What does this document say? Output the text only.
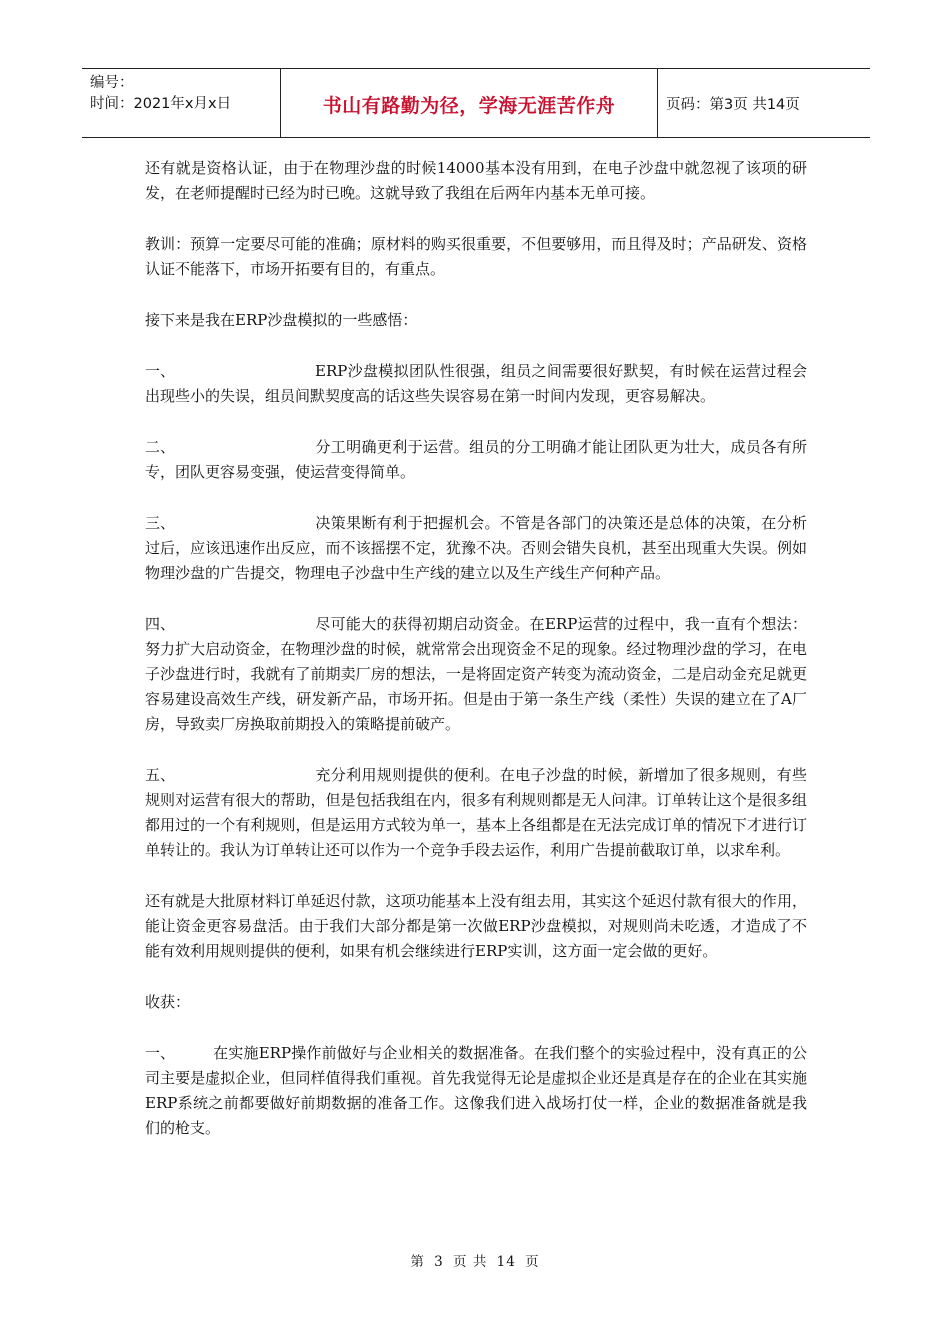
编号：
时间：2021年x月x日	书山有路勤为径，学海无涯苦作舟	页码：第3页 共14页

还有就是资格认证，由于在物理沙盘的时候14000基本没有用到，在电子沙盘中就忽视了该项的研发，在老师提醒时已经为时已晚。这就导致了我组在后两年内基本无单可接。

教训：预算一定要尽可能的准确；原材料的购买很重要，不但要够用，而且得及时；产品研发、资格认证不能落下，市场开拓要有目的，有重点。

接下来是我在ERP沙盘模拟的一些感悟：

一、	ERP沙盘模拟团队性很强，组员之间需要很好默契，有时候在运营过程会出现些小的失误，组员间默契度高的话这些失误容易在第一时间内发现，更容易解决。

二、	分工明确更利于运营。组员的分工明确才能让团队更为壮大，成员各有所专，团队更容易变强，使运营变得简单。

三、	决策果断有利于把握机会。不管是各部门的决策还是总体的决策，在分析过后，应该迅速作出反应，而不该摇摆不定，犹豫不决。否则会错失良机，甚至出现重大失误。例如物理沙盘的广告提交，物理电子沙盘中生产线的建立以及生产线生产何种产品。

四、	尽可能大的获得初期启动资金。在ERP运营的过程中，我一直有个想法：努力扩大启动资金，在物理沙盘的时候，就常常会出现资金不足的现象。经过物理沙盘的学习，在电子沙盘进行时，我就有了前期卖厂房的想法，一是将固定资产转变为流动资金，二是启动金充足就更容易建设高效生产线，研发新产品，市场开拓。但是由于第一条生产线（柔性）失误的建立在了A厂房，导致卖厂房换取前期投入的策略提前破产。

五、	充分利用规则提供的便利。在电子沙盘的时候，新增加了很多规则，有些规则对运营有很大的帮助，但是包括我组在内，很多有利规则都是无人问津。订单转让这个是很多组都用过的一个有利规则，但是运用方式较为单一，基本上各组都是在无法完成订单的情况下才进行订单转让的。我认为订单转让还可以作为一个竞争手段去运作，利用广告提前截取订单，以求牟利。

还有就是大批原材料订单延迟付款，这项功能基本上没有组去用，其实这个延迟付款有很大的作用，能让资金更容易盘活。由于我们大部分都是第一次做ERP沙盘模拟，对规则尚未吃透，才造成了不能有效利用规则提供的便利，如果有机会继续进行ERP实训，这方面一定会做的更好。

收获：

一、	在实施ERP操作前做好与企业相关的数据准备。在我们整个的实验过程中，没有真正的公司主要是虚拟企业，但同样值得我们重视。首先我觉得无论是虚拟企业还是真是存在的企业在其实施ERP系统之前都要做好前期数据的准备工作。这像我们进入战场打仗一样，企业的数据准备就是我们的枪支。

第 3 页 共 14 页
